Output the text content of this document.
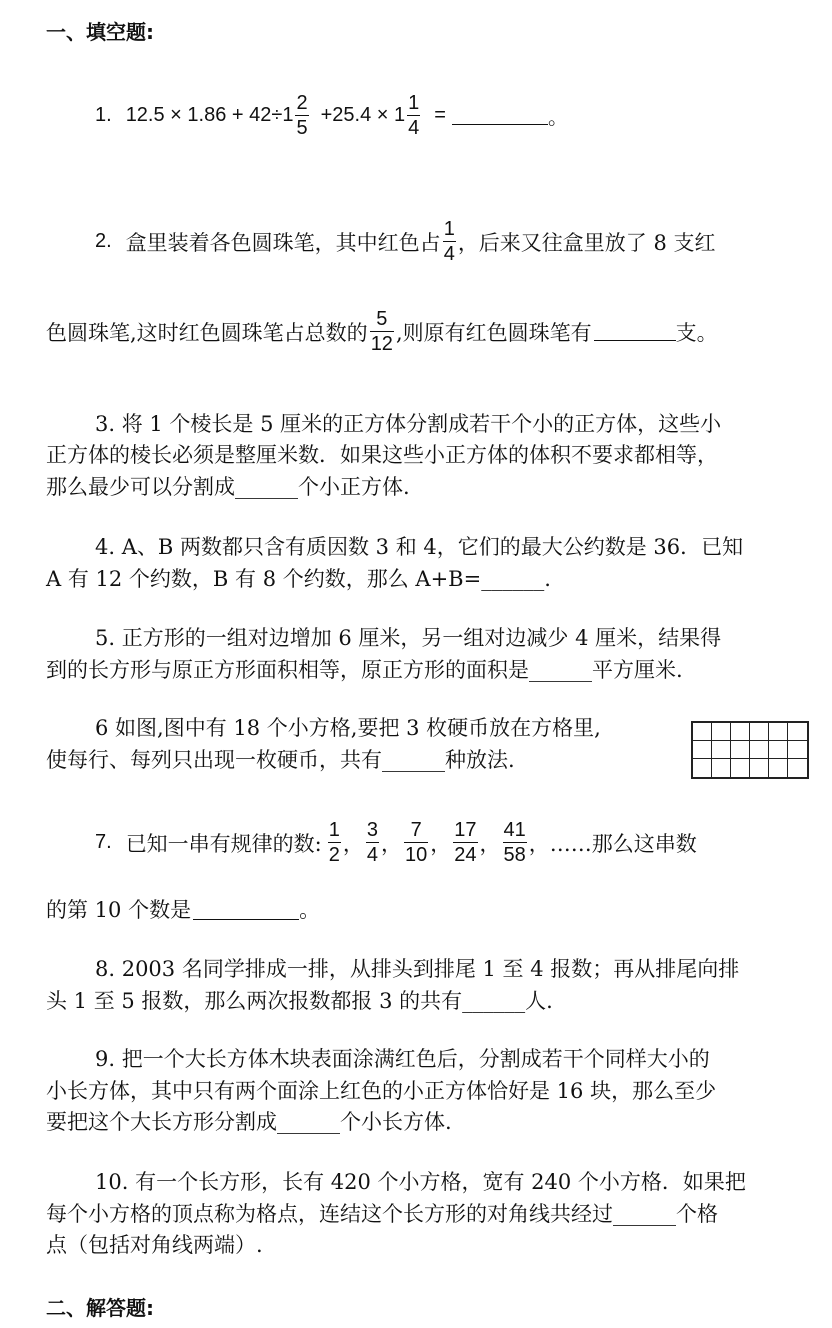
一、填空题:
1. $12.5 \times 1.86 + 42\div 1 \frac{2}{5} +25.4 \times 1 \frac{1}{4}$ =	。
2. 盒里装着各色圆珠笔，其中红色占 $\frac{1}{4}$ ，后来又往盒里放了 8 支红
色圆珠笔,这时红色圆珠笔占总数的 $\frac{5}{12}$ ,则原有红色圆珠笔有	支。
3. 将 1 个棱长是 5 厘米的正方体分割成若干个小的正方体，这些小
正方体的棱长必须是整厘米数．如果这些小正方体的体积不要求都相等，
那么最少可以分割成______个小正方体.
4. A、B 两数都只含有质因数 3 和 4，它们的最大公约数是 36．已知
A 有 12 个约数，B 有 8 个约数，那么 A+B=______.
5. 正方形的一组对边增加 6 厘米，另一组对边减少 4 厘米，结果得
到的长方形与原正方形面积相等，原正方形的面积是______平方厘米.
6 如图,图中有 18 个小方格,要把 3 枚硬币放在方格里,
使每行、每列只出现一枚硬币，共有______种放法.
7. 已知一串有规律的数: $\frac{1}{2}$ ， $\frac{3}{4}$ ， $\frac{7}{10}$ ， $\frac{17}{24}$ ， $\frac{41}{58}$ ，……那么这串数
的第 10 个数是	。
8. 2003 名同学排成一排，从排头到排尾 1 至 4 报数；再从排尾向排
头 1 至 5 报数，那么两次报数都报 3 的共有______人.
9. 把一个大长方体木块表面涂满红色后，分割成若干个同样大小的
小长方体，其中只有两个面涂上红色的小正方体恰好是 16 块，那么至少
要把这个大长方形分割成______个小长方体.
10. 有一个长方形，长有 420 个小方格，宽有 240 个小方格．如果把
每个小方格的顶点称为格点，连结这个长方形的对角线共经过______个格
点（包括对角线两端）.
二、解答题:
